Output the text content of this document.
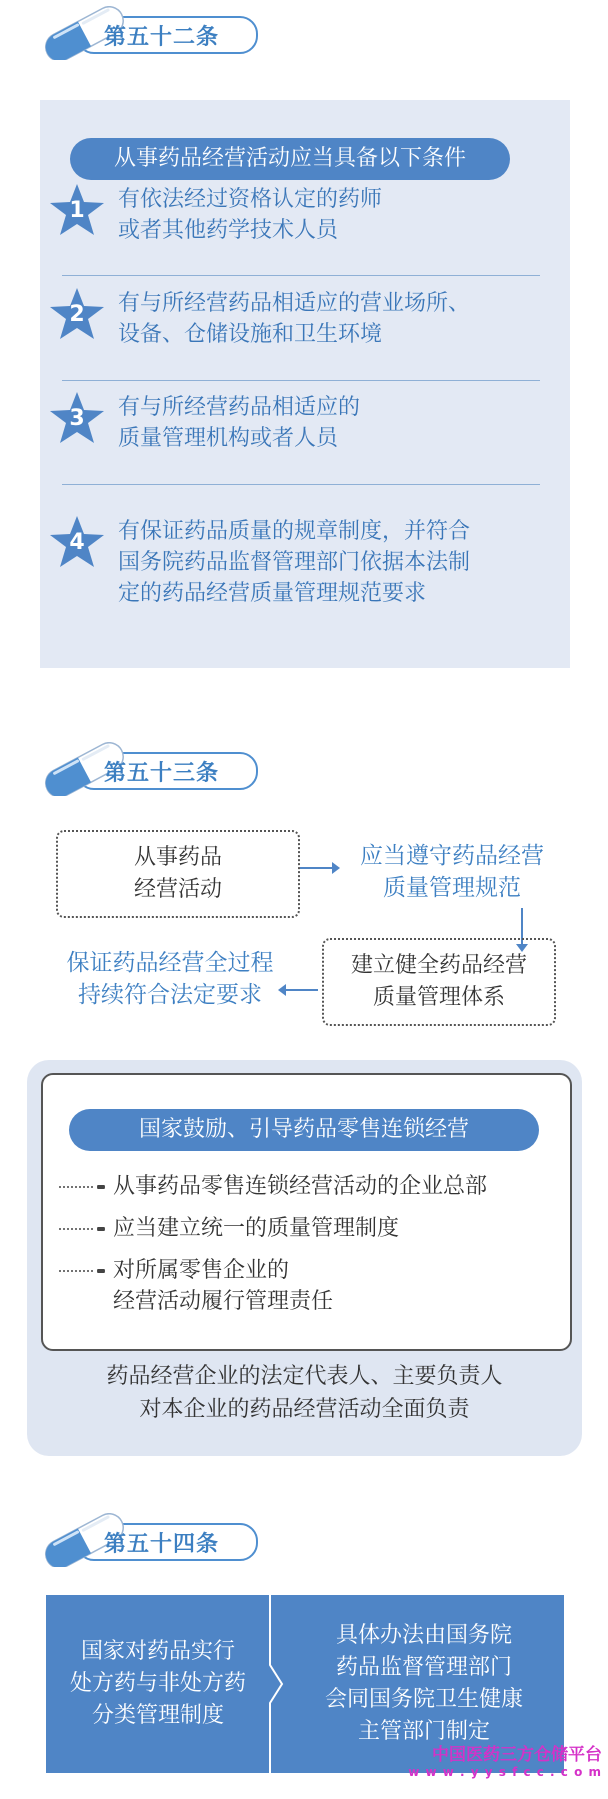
第五十二条
从事药品经营活动应当具备以下条件
1	有依法经过资格认定的药师
或者其他药学技术人员
2	有与所经营药品相适应的营业场所、
设备、仓储设施和卫生环境
3	有与所经营药品相适应的
质量管理机构或者人员
4	有保证药品质量的规章制度，并符合
国务院药品监督管理部门依据本法制
定的药品经营质量管理规范要求
第五十三条
从事药品
经营活动
应当遵守药品经营
质量管理规范
建立健全药品经营
质量管理体系
保证药品经营全过程
持续符合法定要求
国家鼓励、引导药品零售连锁经营
从事药品零售连锁经营活动的企业总部
应当建立统一的质量管理制度
对所属零售企业的
经营活动履行管理责任
药品经营企业的法定代表人、主要负责人
对本企业的药品经营活动全面负责
第五十四条
国家对药品实行
处方药与非处方药
分类管理制度
具体办法由国务院
药品监督管理部门
会同国务院卫生健康
主管部门制定
中国医药三方仓储平台
w w w . y y s f c c . c o m
